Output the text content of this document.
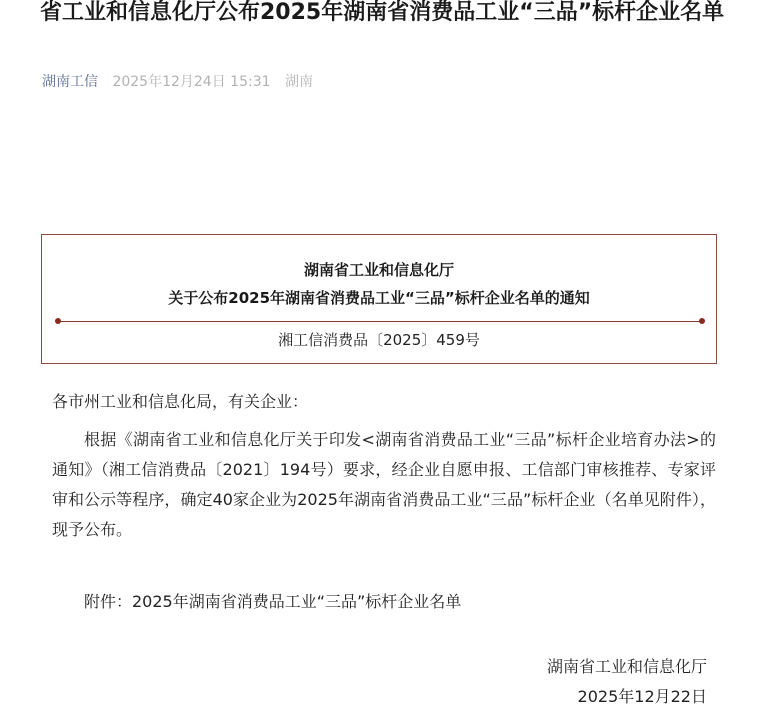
省工业和信息化厅公布2025年湖南省消费品工业“三品”标杆企业名单
湖南工信 2025年12月24日 15:31 湖南
湖南省工业和信息化厅
关于公布2025年湖南省消费品工业“三品”标杆企业名单的通知
湘工信消费品〔2025〕459号
各市州工业和信息化局，有关企业：

根据《湖南省工业和信息化厅关于印发<湖南省消费品工业“三品”标杆企业培育办法>的通知》（湘工信消费品〔2021〕194号）要求，经企业自愿申报、工信部门审核推荐、专家评审和公示等程序，确定40家企业为2025年湖南省消费品工业“三品”标杆企业（名单见附件），现予公布。

附件：2025年湖南省消费品工业“三品”标杆企业名单
湖南省工业和信息化厅
2025年12月22日
